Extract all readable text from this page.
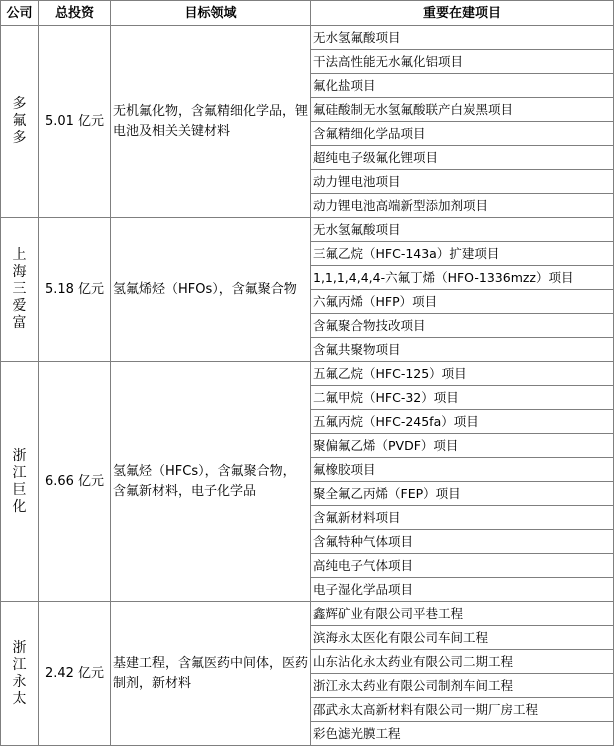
公司	总投资	目标领域	重要在建项目

多
氟
多	5.01 亿元	无机氟化物，含氟精细化学品，锂电池及相关关键材料	无水氢氟酸项目
			干法高性能无水氟化铝项目
			氟化盐项目
			氟硅酸制无水氢氟酸联产白炭黑项目
			含氟精细化学品项目
			超纯电子级氟化锂项目
			动力锂电池项目
			动力锂电池高端新型添加剂项目

上
海
三
爱
富	5.18 亿元	氢氟烯烃（HFOs），含氟聚合物	无水氢氟酸项目
			三氟乙烷（HFC-143a）扩建项目
			1,1,1,4,4,4-六氟丁烯（HFO-1336mzz）项目
			六氟丙烯（HFP）项目
			含氟聚合物技改项目
			含氟共聚物项目

浙
江
巨
化	6.66 亿元	氢氟烃（HFCs），含氟聚合物，含氟新材料，电子化学品	五氟乙烷（HFC-125）项目
			二氟甲烷（HFC-32）项目
			五氟丙烷（HFC-245fa）项目
			聚偏氟乙烯（PVDF）项目
			氟橡胶项目
			聚全氟乙丙烯（FEP）项目
			含氟新材料项目
			含氟特种气体项目
			高纯电子气体项目
			电子湿化学品项目

浙
江
永
太	2.42 亿元	基建工程，含氟医药中间体，医药制剂，新材料	鑫辉矿业有限公司平巷工程
			滨海永太医化有限公司车间工程
			山东沾化永太药业有限公司二期工程
			浙江永太药业有限公司制剂车间工程
			邵武永太高新材料有限公司一期厂房工程
			彩色滤光膜工程
